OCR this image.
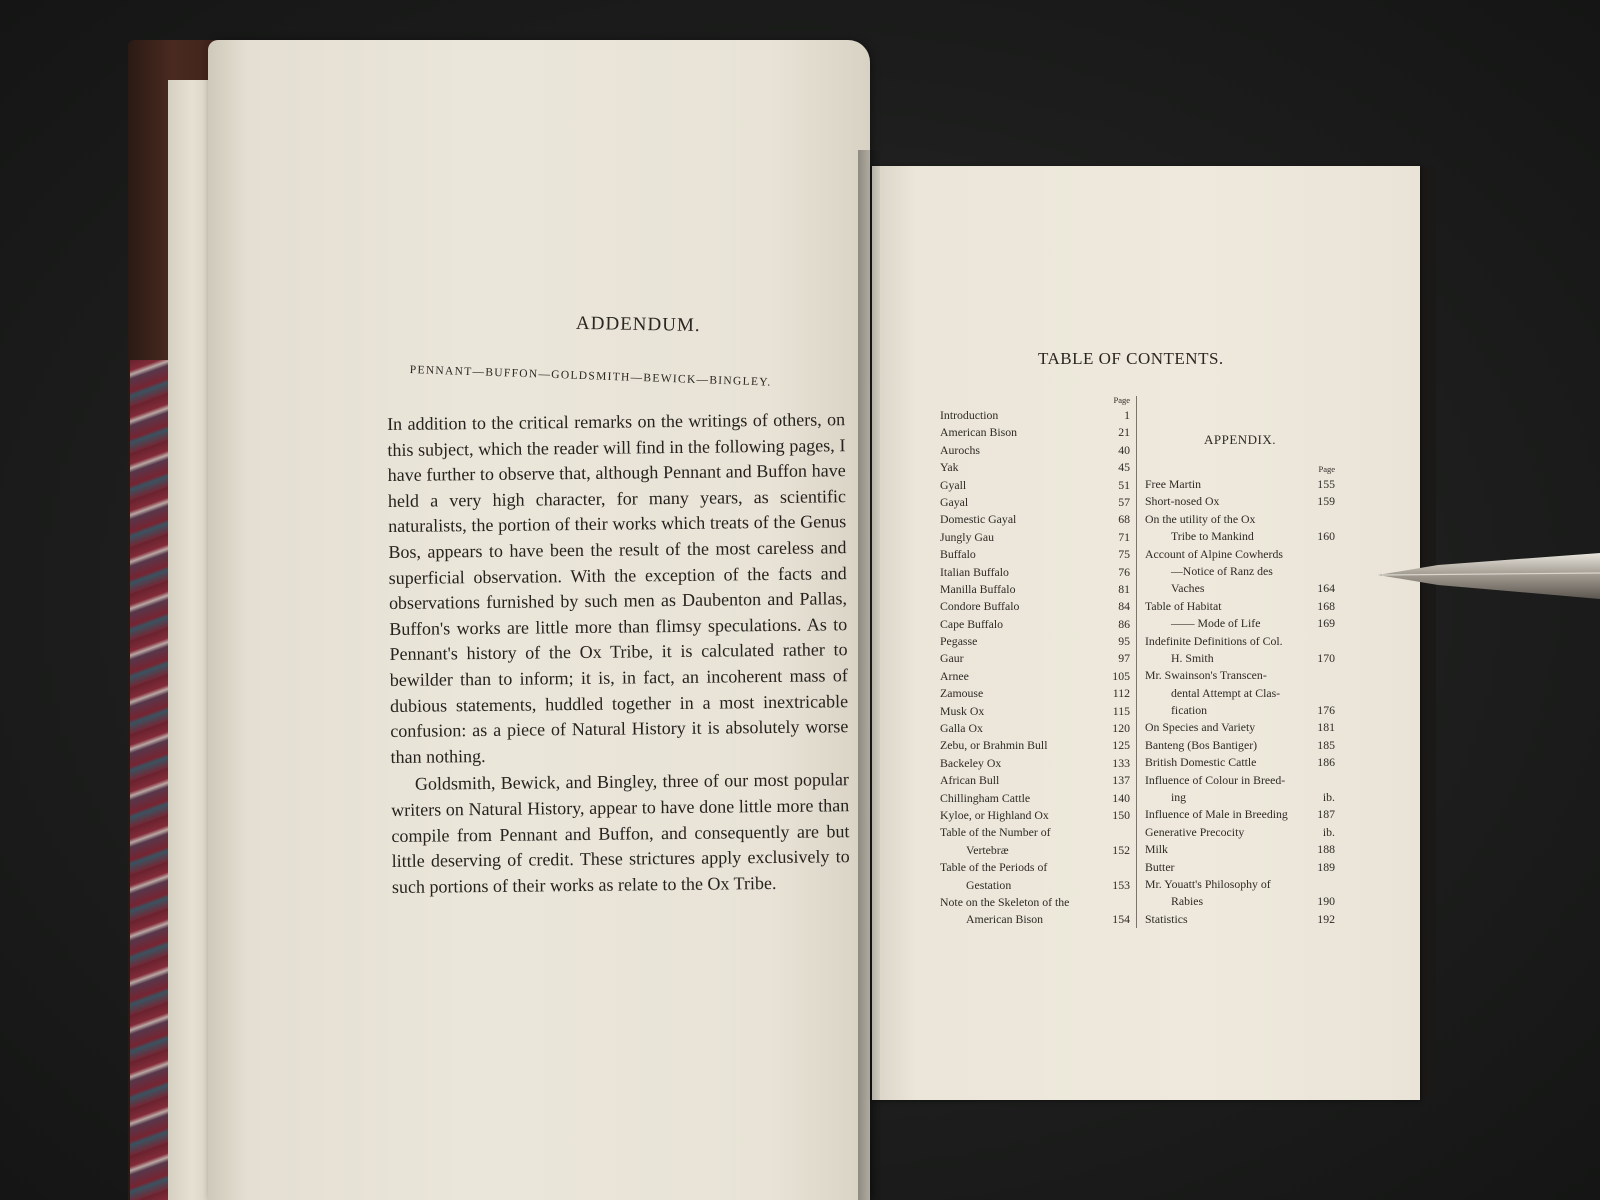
ADDENDUM.
PENNANT—BUFFON—GOLDSMITH—BEWICK—BINGLEY.

In addition to the critical remarks on the writings of others, on this subject, which the reader will find in the following pages, I have further to observe that, although Pennant and Buffon have held a very high character, for many years, as scientific naturalists, the portion of their works which treats of the Genus Bos, appears to have been the result of the most careless and superficial observation. With the exception of the facts and observations furnished by such men as Daubenton and Pallas, Buffon's works are little more than flimsy speculations. As to Pennant's history of the Ox Tribe, it is calculated rather to bewilder than to inform; it is, in fact, an incoherent mass of dubious statements, huddled together in a most inextricable confusion: as a piece of Natural History it is absolutely worse than nothing.

Goldsmith, Bewick, and Bingley, three of our most popular writers on Natural History, appear to have done little more than compile from Pennant and Buffon, and consequently are but little deserving of credit. These strictures apply exclusively to such portions of their works as relate to the Ox Tribe.

TABLE OF CONTENTS.
Page
Introduction	1
American Bison	21
Aurochs	40
Yak	45
Gyall	51
Gayal	57
Domestic Gayal	68
Jungly Gau	71
Buffalo	75
Italian Buffalo	76
Manilla Buffalo	81
Condore Buffalo	84
Cape Buffalo	86
Pegasse	95
Gaur	97
Arnee	105
Zamouse	112
Musk Ox	115
Galla Ox	120
Zebu, or Brahmin Bull	125
Backeley Ox	133
African Bull	137
Chillingham Cattle	140
Kyloe, or Highland Ox	150
Table of the Number of
Vertebræ	152
Table of the Periods of
Gestation	153
Note on the Skeleton of the
American Bison	154
APPENDIX.
Page
Free Martin	155
Short-nosed Ox	159
On the utility of the Ox
Tribe to Mankind	160
Account of Alpine Cowherds
—Notice of Ranz des
Vaches	164
Table of Habitat	168
—— Mode of Life	169
Indefinite Definitions of Col.
H. Smith	170
Mr. Swainson's Transcen-
dental Attempt at Clas-
fication	176
On Species and Variety	181
Banteng (Bos Bantiger)	185
British Domestic Cattle	186
Influence of Colour in Breed-
ing	ib.
Influence of Male in Breeding	187
Generative Precocity	ib.
Milk	188
Butter	189
Mr. Youatt's Philosophy of
Rabies	190
Statistics	192
